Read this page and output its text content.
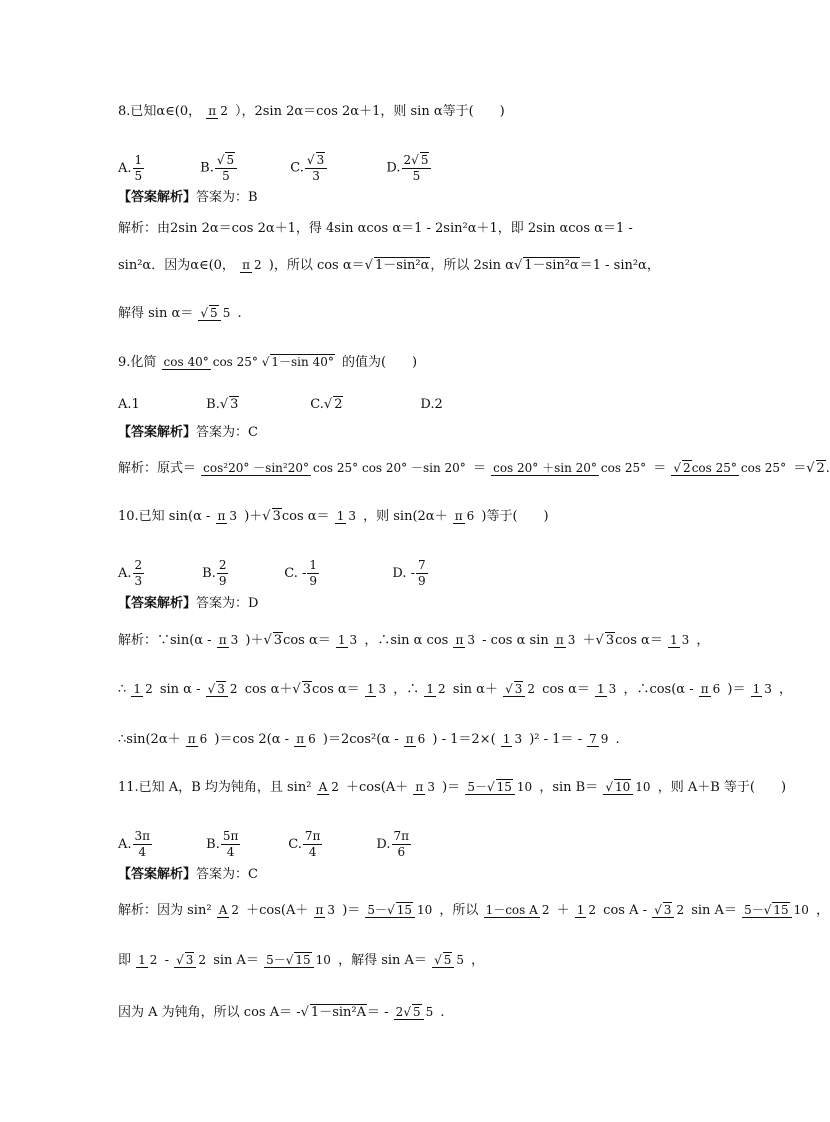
8.已知α∈(0， π 2 ），2sin 2α＝cos 2α＋1，则 sin α等于(　　)
A. $\frac{1}{5}$	B. $\frac{√ 5}{5}$	C. $\frac{√ 3}{3}$	D. $\frac{2√ 5}{5}$
【答案解析】答案为：B
解析：由2sin 2α＝cos 2α＋1，得 4sin αcos α＝1 - 2sin²α＋1，即 2sin αcos α＝1 -
sin²α．因为α∈(0， π 2 )，所以 cos α＝√ 1－sin²α，所以 2sin α√ 1－sin²α＝1 - sin²α，
解得 sin α＝ √ 5 5 .
9.化简 cos 40° cos 25° √ 1－sin 40° 的值为(　　)
A.1	B.√ 3	C.√ 2	D.2
【答案解析】答案为：C
解析：原式＝ cos²20° －sin²20° cos 25° cos 20° －sin 20° ＝ cos 20° ＋sin 20° cos 25° ＝ √ 2cos 25° cos 25° ＝√ 2.
10.已知 sin(α - π 3 )＋√ 3cos α＝ 1 3 ，则 sin(2α＋ π 6 )等于(　　)
A. $\frac{2}{3}$	B. $\frac{2}{9}$	C. - $\frac{1}{9}$	D. - $\frac{7}{9}$
【答案解析】答案为：D
解析：∵sin(α - π 3 )＋√ 3cos α＝ 1 3 ，∴sin α cos π 3 - cos α sin π 3 ＋√ 3cos α＝ 1 3 ，
∴ 1 2 sin α - √ 3 2 cos α＋√ 3cos α＝ 1 3 ，∴ 1 2 sin α＋ √ 3 2 cos α＝ 1 3 ，∴cos(α - π 6 )＝ 1 3 ，
∴sin(2α＋ π 6 )＝cos 2(α - π 6 )＝2cos²(α - π 6 ) - 1＝2×( 1 3 )² - 1＝ - 7 9 .
11.已知 A，B 均为钝角，且 sin² A 2 ＋cos(A＋ π 3 )＝ 5－√ 15 10 ，sin B＝ √ 10 10 ，则 A＋B 等于(　　)
A. $\frac{3\pi}{4}$	B. $\frac{5\pi}{4}$	C. $\frac{7\pi}{4}$	D. $\frac{7\pi}{6}$
【答案解析】答案为：C
解析：因为 sin² A 2 ＋cos(A＋ π 3 )＝ 5－√ 15 10 ，所以 1－cos A 2 ＋ 1 2 cos A - √ 3 2 sin A＝ 5－√ 15 10 ，
即 1 2 - √ 3 2 sin A＝ 5－√ 15 10 ，解得 sin A＝ √ 5 5 ，
因为 A 为钝角，所以 cos A＝ -√ 1－sin²A＝ - 2√ 5 5 .
